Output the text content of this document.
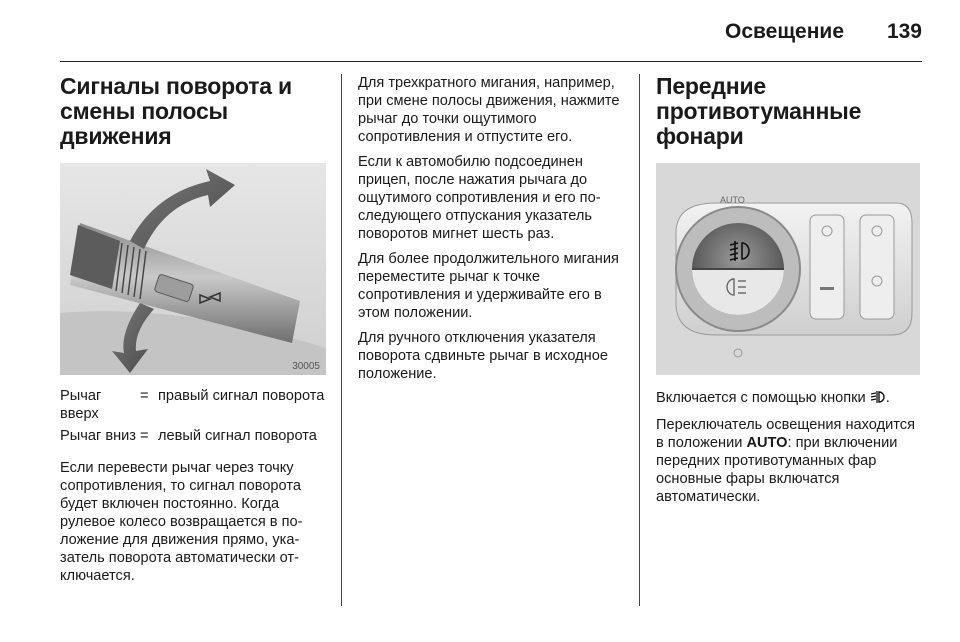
Освещение 139
Сигналы поворота и смены полосы движения
30005
Рычаг вверх	=	правый сигнал поворота
Рычаг вниз	=	левый сигнал поворота

Если перевести рычаг через точку сопротивления, то сигнал поворота будет включен постоянно. Когда рулевое колесо возвращается в положение для движения прямо, указатель поворота автоматически отключается.

Для трехкратного мигания, например, при смене полосы движения, нажмите рычаг до точки ощутимого сопротивления и отпустите его.

Если к автомобилю подсоединен прицеп, после нажатия рычага до ощутимого сопротивления и его последующего отпускания указатель поворотов мигнет шесть раз.

Для более продолжительного мигания переместите рычаг к точке сопротивления и удерживайте его в этом положении.

Для ручного отключения указателя поворота сдвиньте рычаг в исходное положение.

Передние противотуманные фонари
AUTO

Включается с помощью кнопки .

Переключатель освещения находится в положении AUTO: при включении передних противотуманных фар основные фары включатся автоматически.
